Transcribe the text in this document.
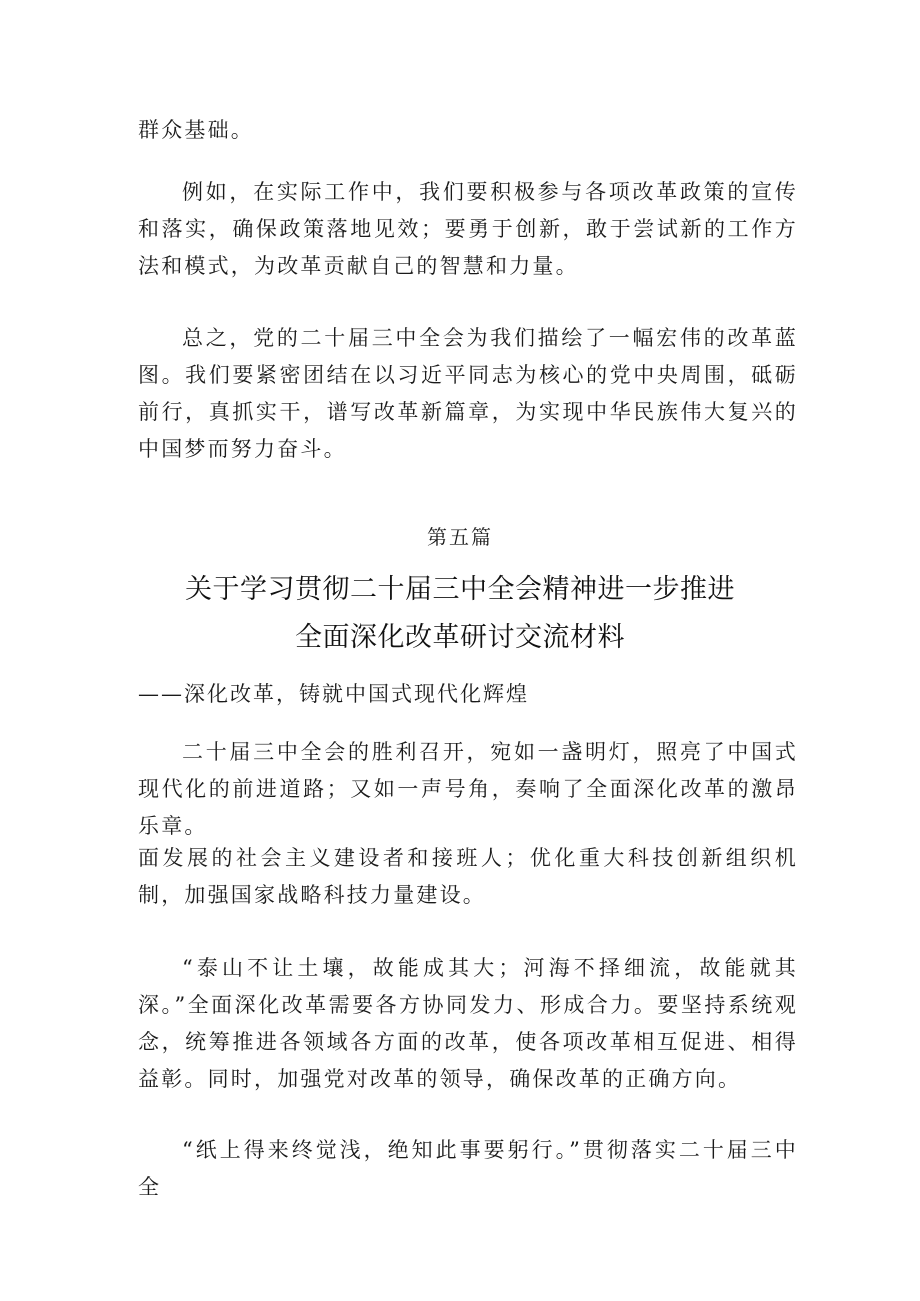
群众基础。

例如，在实际工作中，我们要积极参与各项改革政策的宣传和落实，确保政策落地见效；要勇于创新，敢于尝试新的工作方法和模式，为改革贡献自己的智慧和力量。

总之，党的二十届三中全会为我们描绘了一幅宏伟的改革蓝图。我们要紧密团结在以习近平同志为核心的党中央周围，砥砺前行，真抓实干，谱写改革新篇章，为实现中华民族伟大复兴的中国梦而努力奋斗。

第五篇

关于学习贯彻二十届三中全会精神进一步推进

全面深化改革研讨交流材料

——深化改革，铸就中国式现代化辉煌

二十届三中全会的胜利召开，宛如一盏明灯，照亮了中国式现代化的前进道路；又如一声号角，奏响了全面深化改革的激昂乐章。

面发展的社会主义建设者和接班人；优化重大科技创新组织机制，加强国家战略科技力量建设。

“泰山不让土壤，故能成其大；河海不择细流，故能就其深。”全面深化改革需要各方协同发力、形成合力。要坚持系统观念，统筹推进各领域各方面的改革，使各项改革相互促进、相得益彰。同时，加强党对改革的领导，确保改革的正确方向。

“纸上得来终觉浅，绝知此事要躬行。”贯彻落实二十届三中全
